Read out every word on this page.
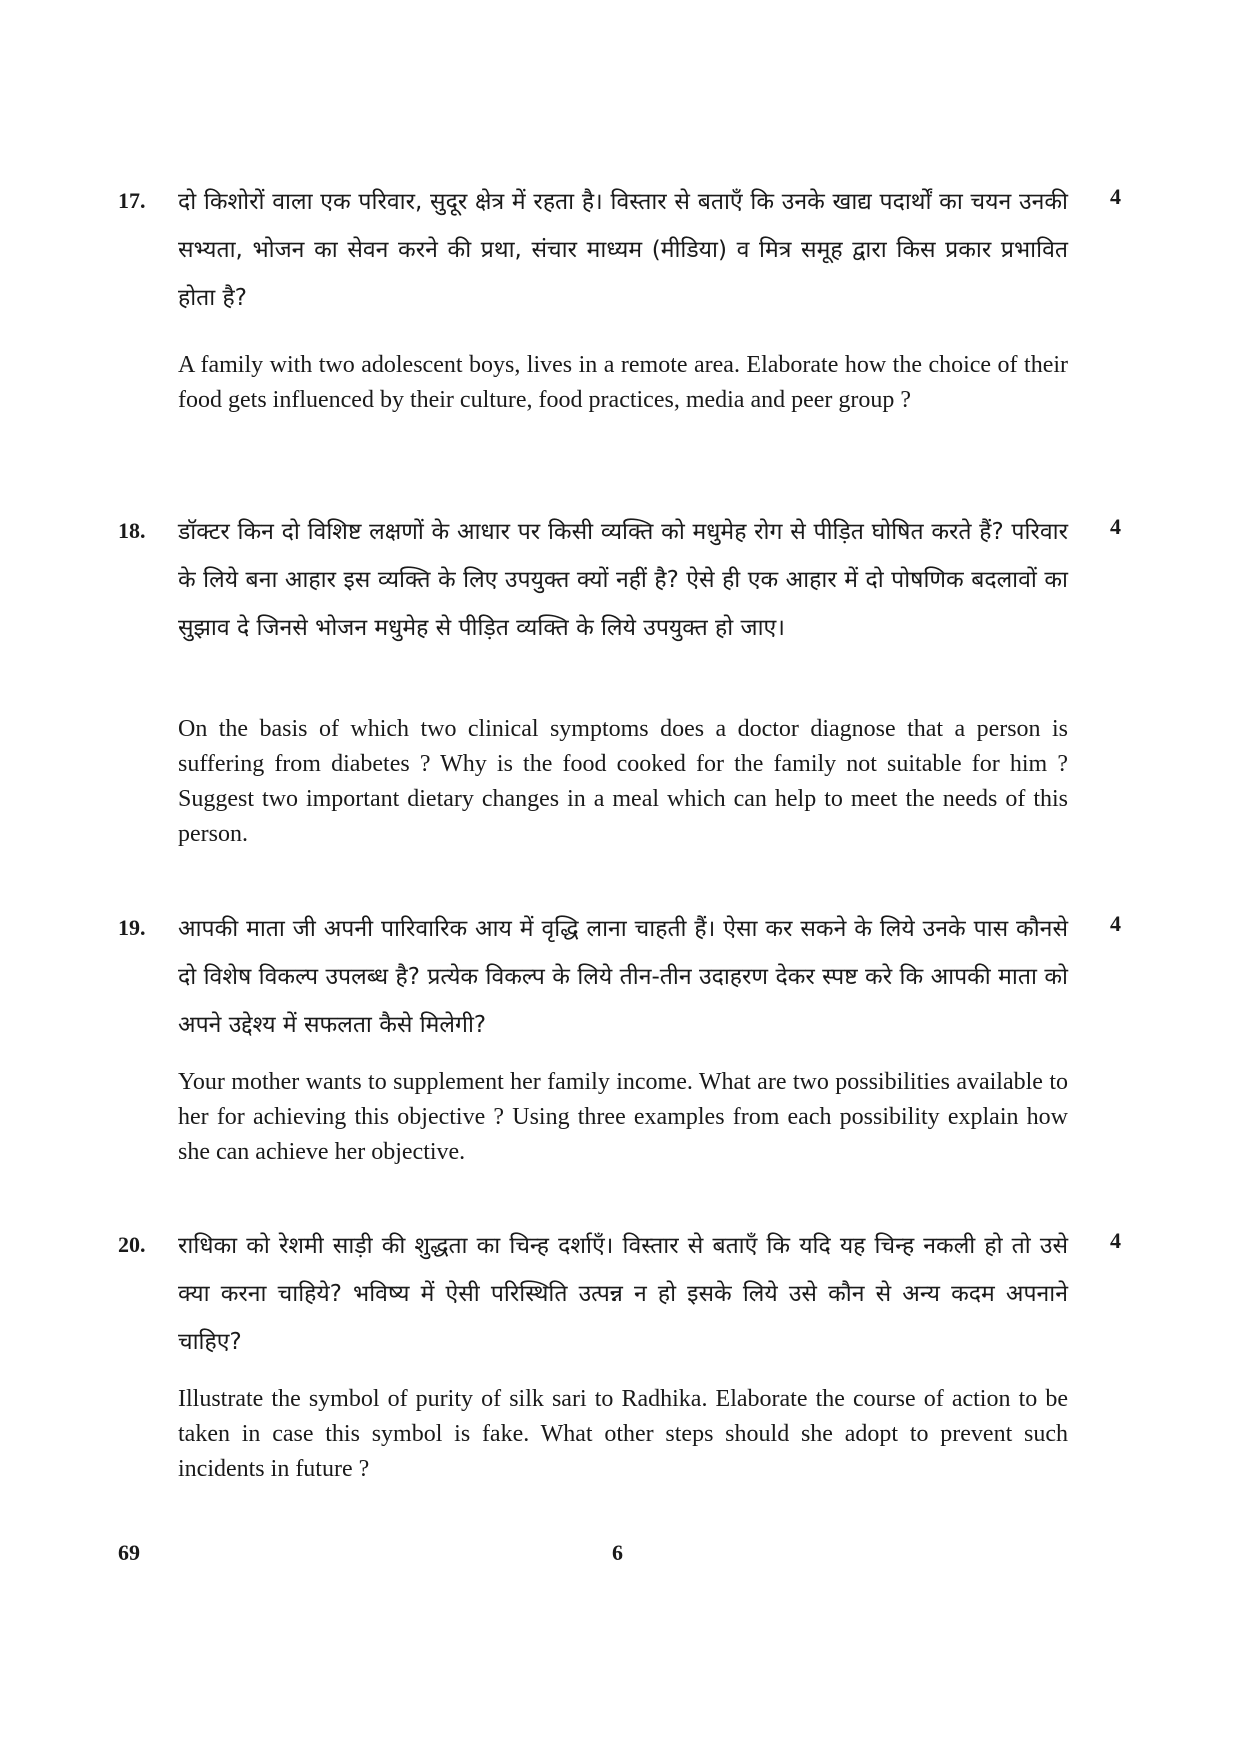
17.	दो किशोरों वाला एक परिवार, सुदूर क्षेत्र में रहता है। विस्तार से बताएँ कि उनके खाद्य पदार्थों का चयन उनकी सभ्यता, भोजन का सेवन करने की प्रथा, संचार माध्यम (मीडिया) व मित्र समूह द्वारा किस प्रकार प्रभावित होता है?

4

A family with two adolescent boys, lives in a remote area. Elaborate how the choice of their food gets influenced by their culture, food practices, media and peer group ?

18.	डॉक्टर किन दो विशिष्ट लक्षणों के आधार पर किसी व्यक्ति को मधुमेह रोग से पीड़ित घोषित करते हैं? परिवार के लिये बना आहार इस व्यक्ति के लिए उपयुक्त क्यों नहीं है? ऐसे ही एक आहार में दो पोषणिक बदलावों का सुझाव दे जिनसे भोजन मधुमेह से पीड़ित व्यक्ति के लिये उपयुक्त हो जाए।

4

On the basis of which two clinical symptoms does a doctor diagnose that a person is suffering from diabetes ? Why is the food cooked for the family not suitable for him ? Suggest two important dietary changes in a meal which can help to meet the needs of this person.

19.	आपकी माता जी अपनी पारिवारिक आय में वृद्धि लाना चाहती हैं। ऐसा कर सकने के लिये उनके पास कौनसे दो विशेष विकल्प उपलब्ध है? प्रत्येक विकल्प के लिये तीन-तीन उदाहरण देकर स्पष्ट करे कि आपकी माता को अपने उद्देश्य में सफलता कैसे मिलेगी?

4

Your mother wants to supplement her family income. What are two possibilities available to her for achieving this objective ? Using three examples from each possibility explain how she can achieve her objective.

20.	राधिका को रेशमी साड़ी की शुद्धता का चिन्ह दर्शाएँ। विस्तार से बताएँ कि यदि यह चिन्ह नकली हो तो उसे क्या करना चाहिये? भविष्य में ऐसी परिस्थिति उत्पन्न न हो इसके लिये उसे कौन से अन्य कदम अपनाने चाहिए?

4

Illustrate the symbol of purity of silk sari to Radhika. Elaborate the course of action to be taken in case this symbol is fake. What other steps should she adopt to prevent such incidents in future ?

69	6
